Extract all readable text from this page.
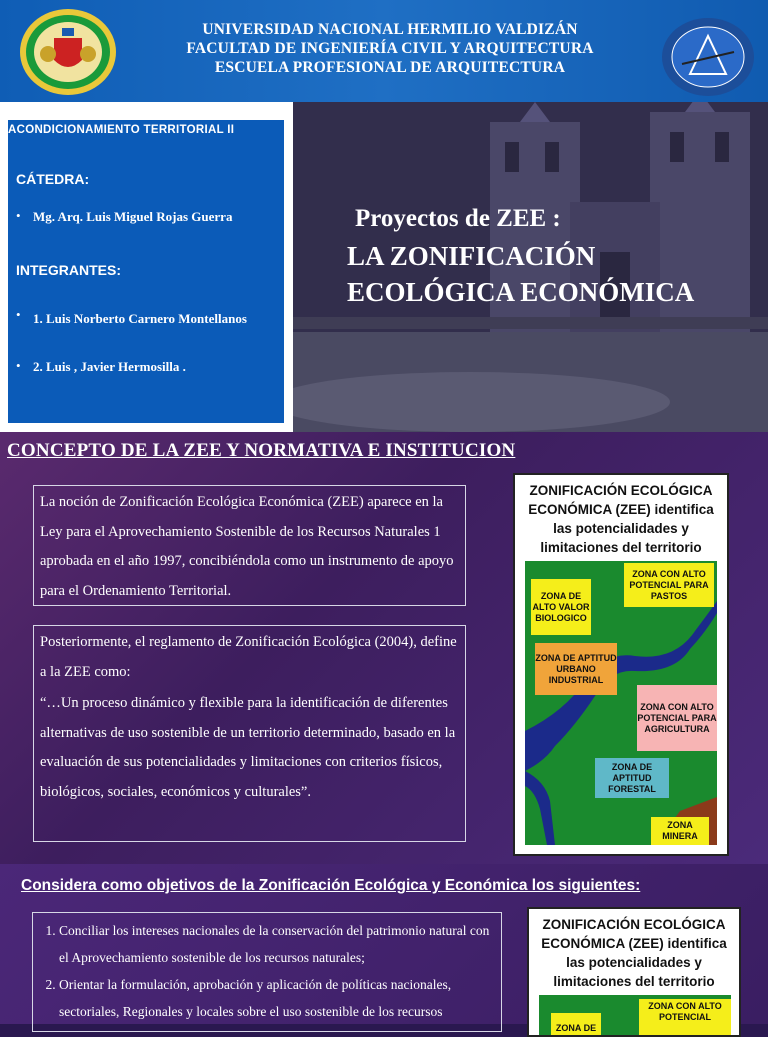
UNIVERSIDAD NACIONAL HERMILIO VALDIZÁN
FACULTAD DE INGENIERÍA CIVIL Y ARQUITECTURA
ESCUELA PROFESIONAL DE ARQUITECTURA
Proyectos de ZEE :
LA ZONIFICACIÓN
ECOLÓGICA ECONÓMICA
ACONDICIONAMIENTO TERRITORIAL II
CÁTEDRA:
• Mg. Arq. Luis Miguel Rojas Guerra
INTEGRANTES:
• 1. Luis Norberto Carnero Montellanos
• 2. Luis , Javier Hermosilla .
CONCEPTO DE LA ZEE Y NORMATIVA E INSTITUCION
La noción de Zonificación Ecológica Económica (ZEE) aparece en la Ley para el Aprovechamiento Sostenible de los Recursos Naturales 1 aprobada en el año 1997, concibiéndola como un instrumento de apoyo para el Ordenamiento Territorial.
Posteriormente, el reglamento de Zonificación Ecológica (2004), define a la ZEE como:
“…Un proceso dinámico y flexible para la identificación de diferentes alternativas de uso sostenible de un territorio determinado, basado en la evaluación de sus potencialidades y limitaciones con criterios físicos, biológicos, sociales, económicos y culturales”.
ZONIFICACIÓN ECOLÓGICA
ECONÓMICA (ZEE) identifica
las potencialidades y
limitaciones del territorio
ZONA DE ALTO VALOR BIOLOGICO
ZONA CON ALTO POTENCIAL PARA PASTOS
ZONA DE APTITUD URBANO INDUSTRIAL
ZONA CON ALTO POTENCIAL PARA AGRICULTURA
ZONA DE APTITUD FORESTAL
ZONA MINERA
Considera como objetivos de la Zonificación Ecológica y Económica los siguientes:
1. Conciliar los intereses nacionales de la conservación del patrimonio natural con el Aprovechamiento sostenible de los recursos naturales;
2. Orientar la formulación, aprobación y aplicación de políticas nacionales, sectoriales, Regionales y locales sobre el uso sostenible de los recursos
ZONIFICACIÓN ECOLÓGICA
ECONÓMICA (ZEE) identifica
las potencialidades y
limitaciones del territorio
ZONA DE
ZONA CON ALTO POTENCIAL
